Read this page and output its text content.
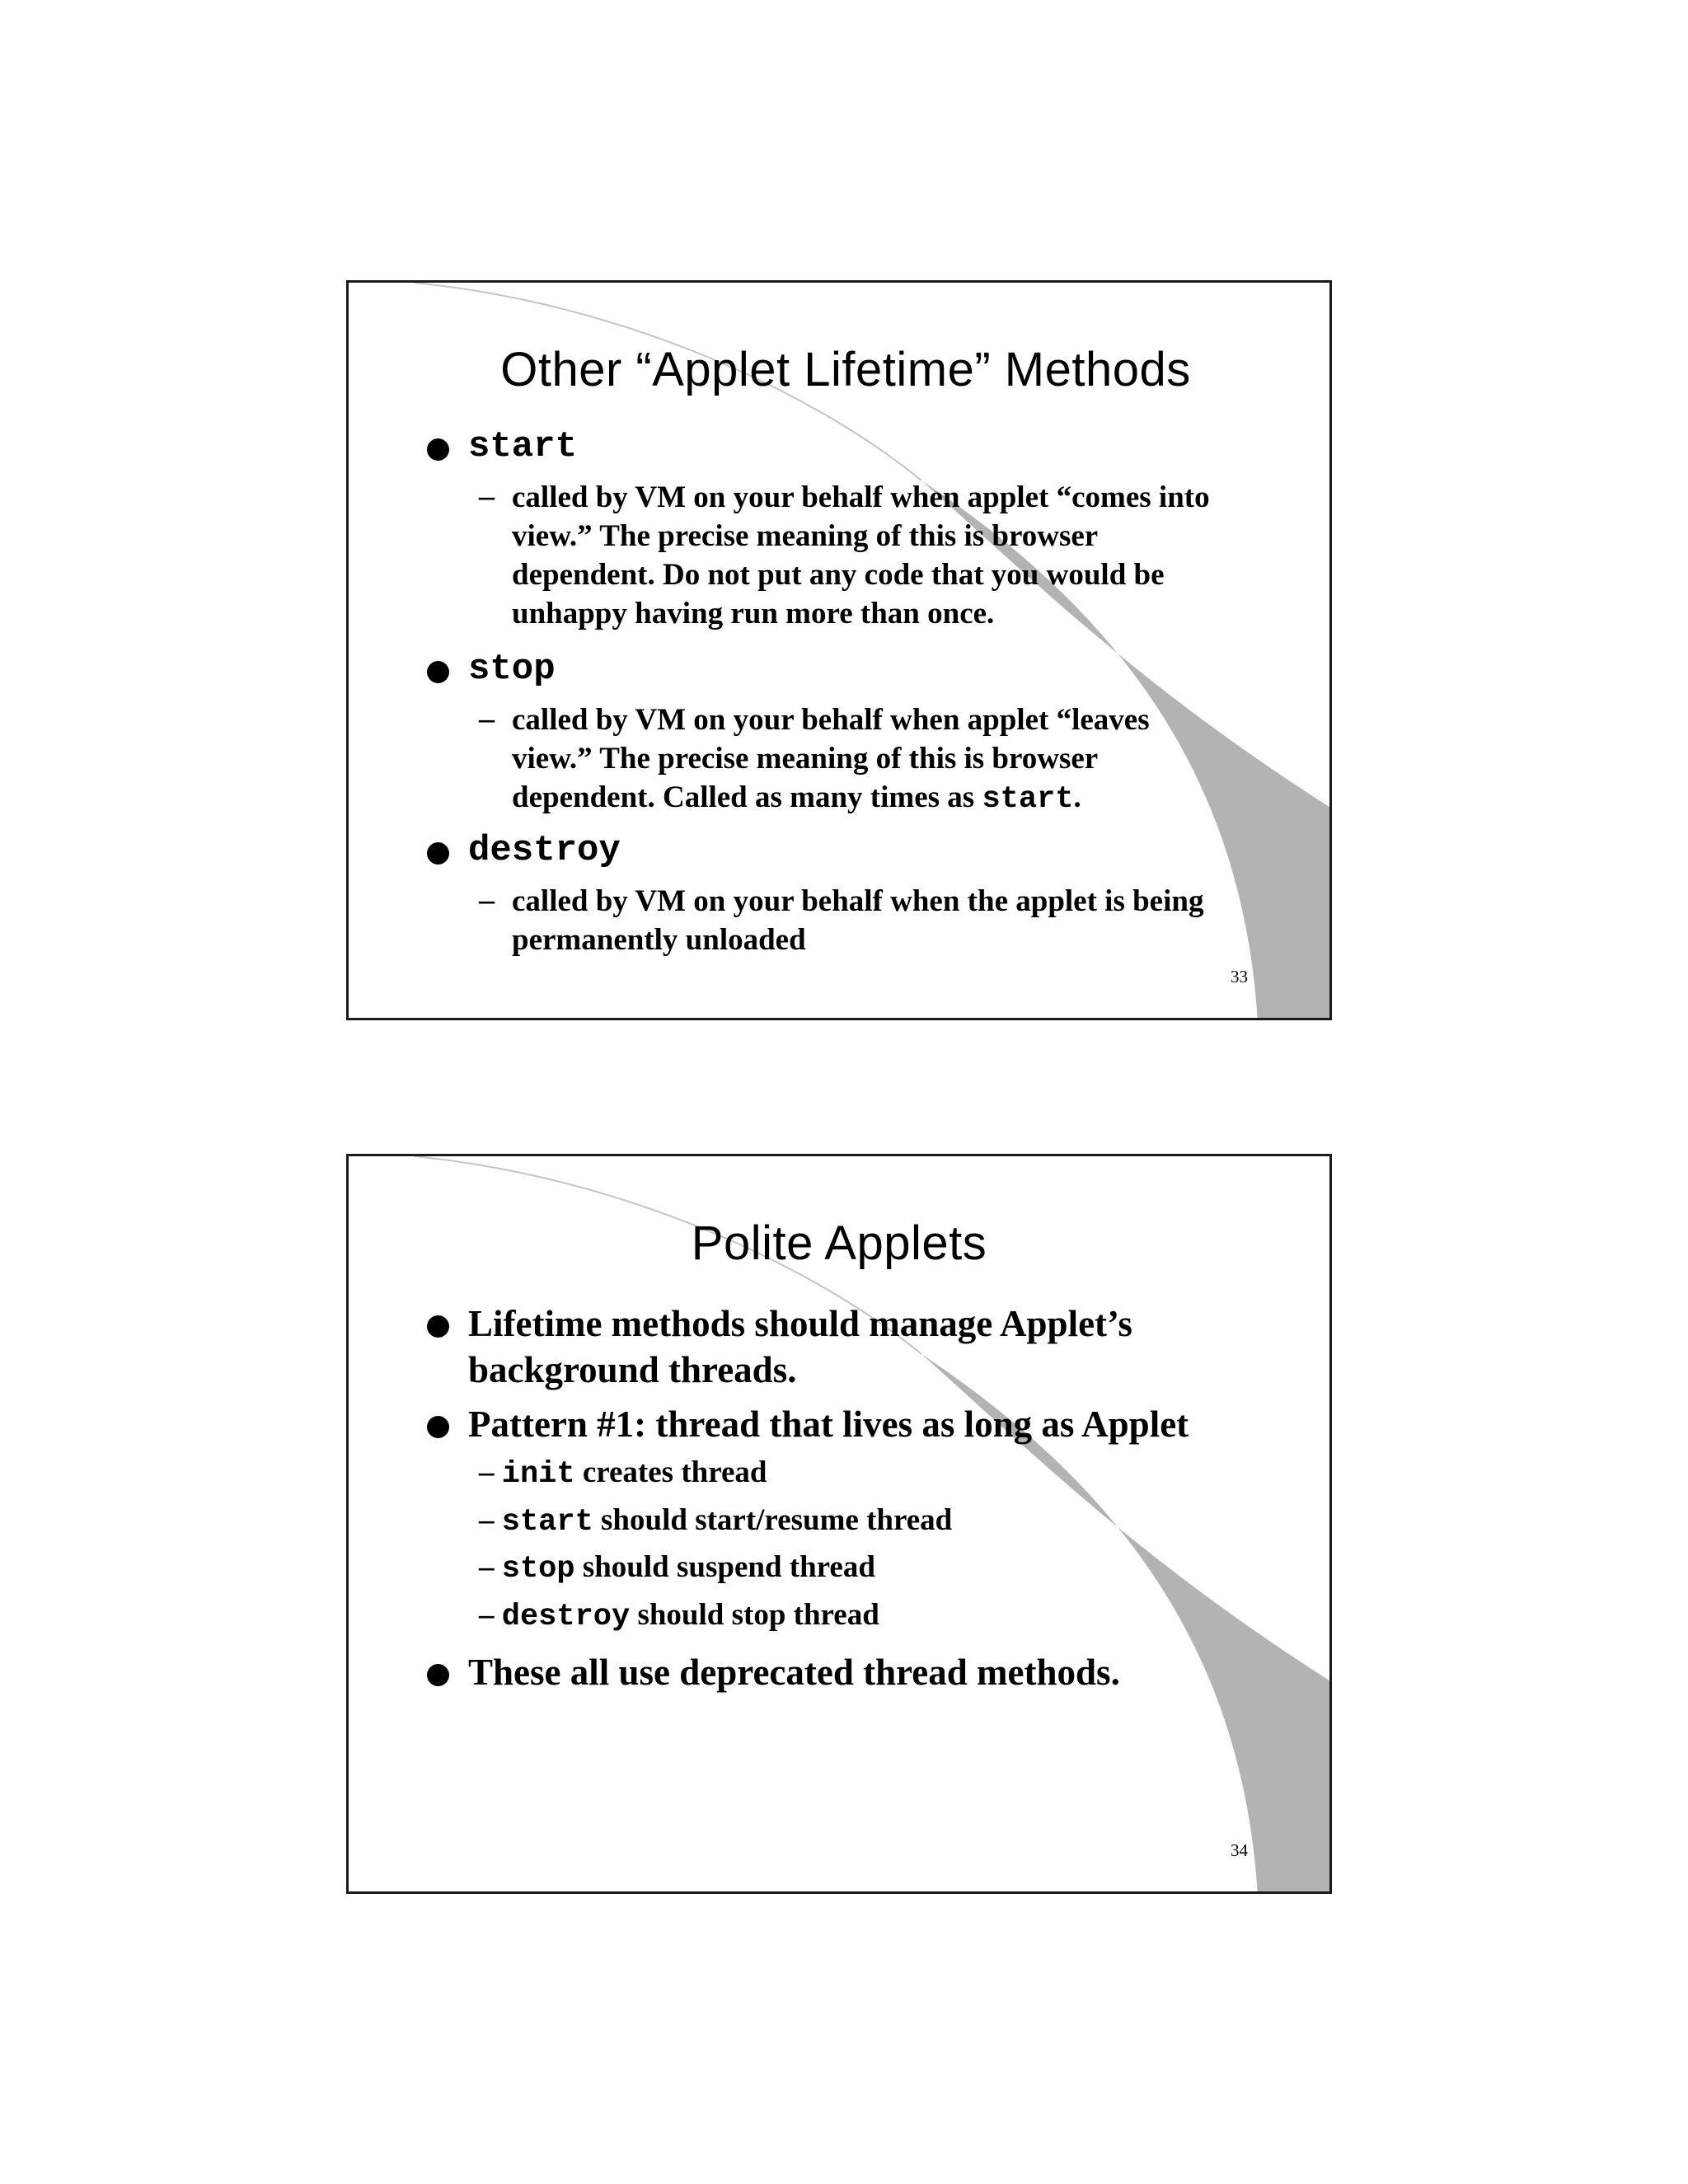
Other “Applet Lifetime” Methods
start
– called by VM on your behalf when applet “comes into view.” The precise meaning of this is browser dependent. Do not put any code that you would be unhappy having run more than once.
stop
– called by VM on your behalf when applet “leaves view.” The precise meaning of this is browser dependent. Called as many times as start.
destroy
– called by VM on your behalf when the applet is being permanently unloaded
33
Polite Applets
Lifetime methods should manage Applet’s background threads.
Pattern #1: thread that lives as long as Applet
– init creates thread
– start should start/resume thread
– stop should suspend thread
– destroy should stop thread
These all use deprecated thread methods.
34
